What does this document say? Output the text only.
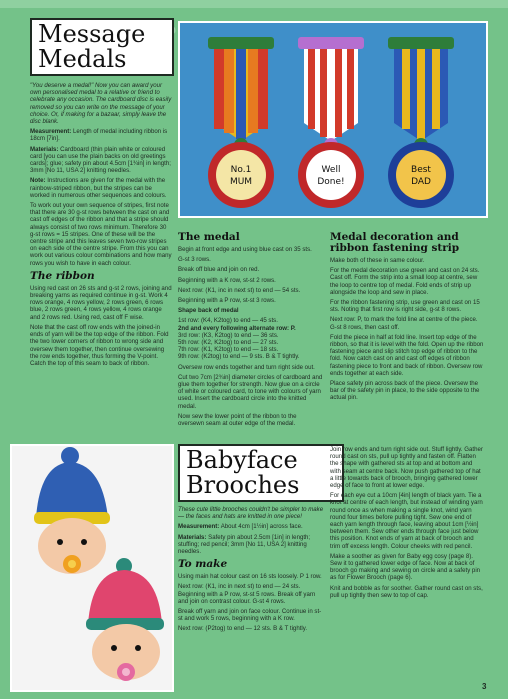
Message
Medals
No.1
MUM
Well
Done!
Best
DAD

"You deserve a medal!" Now you can award your own personalised medal to a relative or friend to celebrate any occasion. The cardboard disc is easily removed so you can write on the message of your choice. Or, if making for a bazaar, simply leave the disc blank.

Measurement: Length of medal including ribbon is 18cm [7in].

Materials: Cardboard (thin plain white or coloured card [you can use the plain backs on old greetings cards]; glue; safety pin about 4.5cm [1¾in] in length; 3mm [No 11, USA 2] knitting needles.

Note: Instructions are given for the medal with the rainbow-striped ribbon, but the stripes can be worked in numerous other sequences and colours.

To work out your own sequence of stripes, first note that there are 30 g-st rows between the cast on and cast off edges of the ribbon and that a stripe should always consist of two rows minimum. Therefore 30 g-st rows = 15 stripes. One of these will be the centre stripe and this leaves seven two-row stripes on each side of the centre stripe. From this you can work out various colour combinations and how many rows you wish to have in each colour.

The ribbon

Using red cast on 26 sts and g-st 2 rows, joining and breaking yarns as required continue in g-st. Work 4 rows orange, 4 rows yellow, 2 rows green, 6 rows blue, 2 rows green, 4 rows yellow, 4 rows orange and 2 rows red. Using red, cast off F wise.

Note that the cast off row ends with the joined-in ends of yarn will be the top edge of the ribbon. Fold the two lower corners of ribbon to wrong side and oversew them together, then continue oversewing the row ends together, thus forming the V-point. Catch the top of this seam to back of ribbon.

The medal

Begin at front edge and using blue cast on 35 sts.

G-st 3 rows.

Break off blue and join on red.

Beginning with a K row, st-st 2 rows.

Next row: (K1, inc in next st) to end — 54 sts.

Beginning with a P row, st-st 3 rows.

Shape back of medal

1st row: (K4, K2tog) to end — 45 sts.

2nd and every following alternate row: P.

3rd row: (K3, K2tog) to end — 36 sts.

5th row: (K2, K2tog) to end — 27 sts.

7th row: (K1, K2tog) to end — 18 sts.

9th row: (K2tog) to end — 9 sts. B & T tightly.

Oversew row ends together and turn right side out.

Cut two 7cm [2¾in] diameter circles of cardboard and glue them together for strength. Now glue on a circle of white or coloured card, to tone with colours of yarn used. Insert the cardboard circle into the knitted medal.

Now sew the lower point of the ribbon to the oversewn seam at outer edge of the medal.

Medal decoration and ribbon fastening strip

Make both of these in same colour.

For the medal decoration use green and cast on 24 sts. Cast off. Form the strip into a small loop at centre, sew the loop to centre top of medal. Fold ends of strip up alongside the loop and sew in place.

For the ribbon fastening strip, use green and cast on 15 sts. Noting that first row is right side, g-st 8 rows.

Next row: P, to mark the fold line at centre of the piece. G-st 8 rows, then cast off.

Fold the piece in half at fold line. Insert top edge of the ribbon, so that it is level with the fold. Open up the ribbon fastening piece and slip stitch top edge of ribbon to the fold. Now catch cast on and cast off edges of ribbon fastening piece to front and back of ribbon. Oversew row ends together at each side.

Place safety pin across back of the piece. Oversew the bar of the safety pin in place, to the side opposite to the actual pin.

Babyface
Brooches

These cute little brooches couldn't be simpler to make — the faces and hats are knitted in one piece!

Measurement: About 4cm [1½in] across face.

Materials: Safety pin about 2.5cm [1in] in length; stuffing; red pencil; 3mm [No 11, USA 2] knitting needles.

To make

Using main hat colour cast on 16 sts loosely. P 1 row.

Next row: (K1, inc in next st) to end — 24 sts. Beginning with a P row, st-st 5 rows. Break off yarn and join on contrast colour. G-st 4 rows.

Break off yarn and join on face colour. Continue in st-st and work 5 rows, beginning with a K row.

Next row: (P2tog) to end — 12 sts. B & T tightly.

Join row ends and turn right side out. Stuff lightly. Gather round cast on sts, pull up tightly and fasten off. Flatten the shape with gathered sts at top and at bottom and with seam at centre back. Now push gathered top of hat a little towards back of brooch, bringing gathered lower edge of face to front at lower edge.

For each eye cut a 10cm [4in] length of black yarn. Tie a knot at centre of each length, but instead of winding yarn round once as when making a single knot, wind yarn round four times before pulling tight. Sew one end of each yarn length through face, leaving about 1cm [½in] between them. Sew other ends through face just below this position. Knot ends of yarn at back of brooch and trim off excess length. Colour cheeks with red pencil.

Make a soother as given for Baby egg cosy (page 8). Sew it to gathered lower edge of face. Now at back of brooch go making and sewing on circle and a safety pin as for Flower Brooch (page 6).

Knit and bobble as for soother. Gather round cast on sts, pull up tightly then sew to top of cap.

3
